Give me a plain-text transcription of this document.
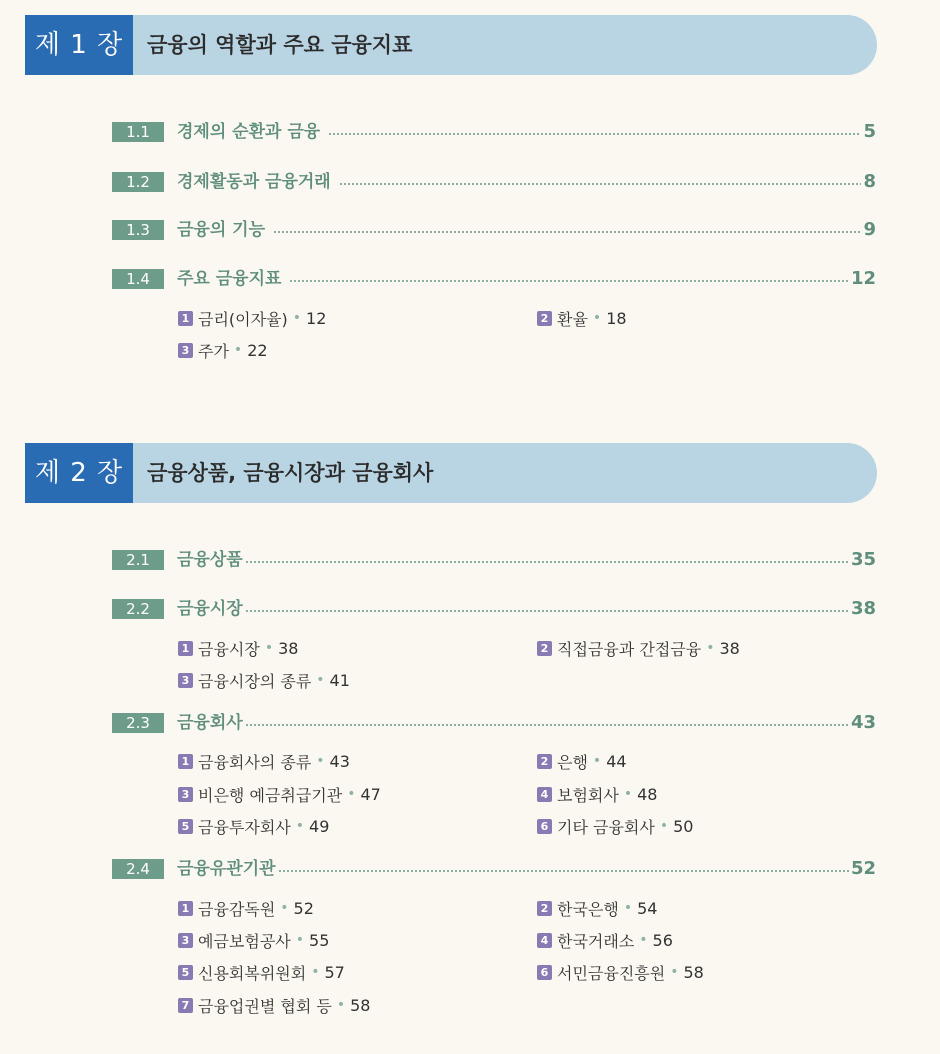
제 1 장	금융의 역할과 주요 금융지표
1.1	경제의 순환과 금융	5
1.2	경제활동과 금융거래	8
1.3	금융의 기능	9
1.4	주요 금융지표	12
1 금리(이자율) • 12	2 환율 • 18
3 주가 • 22
제 2 장	금융상품, 금융시장과 금융회사
2.1	금융상품	35
2.2	금융시장	38
1 금융시장 • 38	2 직접금융과 간접금융 • 38
3 금융시장의 종류 • 41
2.3	금융회사	43
1 금융회사의 종류 • 43	2 은행 • 44
3 비은행 예금취급기관 • 47	4 보험회사 • 48
5 금융투자회사 • 49	6 기타 금융회사 • 50
2.4	금융유관기관	52
1 금융감독원 • 52	2 한국은행 • 54
3 예금보험공사 • 55	4 한국거래소 • 56
5 신용회복위원회 • 57	6 서민금융진흥원 • 58
7 금융업권별 협회 등 • 58
